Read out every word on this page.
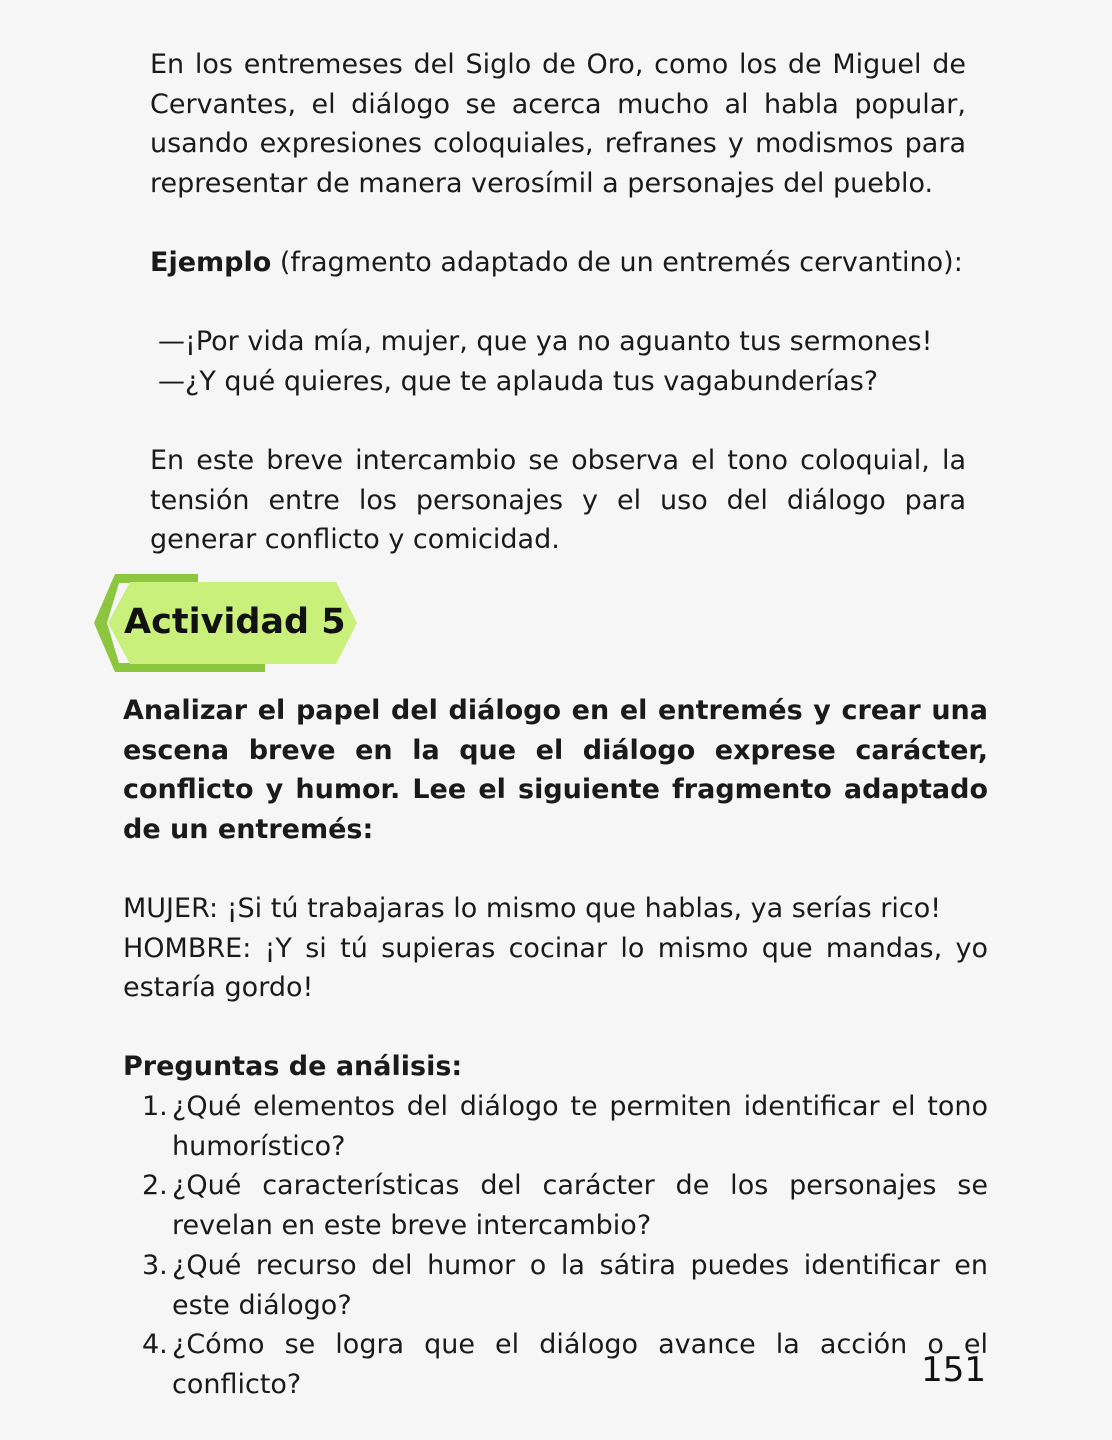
En los entremeses del Siglo de Oro, como los de Miguel de Cervantes, el diálogo se acerca mucho al habla popular, usando expresiones coloquiales, refranes y modismos para representar de manera verosímil a personajes del pueblo.

Ejemplo (fragmento adaptado de un entremés cervantino):

—¡Por vida mía, mujer, que ya no aguanto tus sermones!

—¿Y qué quieres, que te aplauda tus vagabunderías?

En este breve intercambio se observa el tono coloquial, la tensión entre los personajes y el uso del diálogo para generar conflicto y comicidad.

Actividad 5

Analizar el papel del diálogo en el entremés y crear una escena breve en la que el diálogo exprese carácter, conflicto y humor. Lee el siguiente fragmento adaptado de un entremés:

MUJER: ¡Si tú trabajaras lo mismo que hablas, ya serías rico!

HOMBRE: ¡Y si tú supieras cocinar lo mismo que mandas, yo estaría gordo!

Preguntas de análisis:
1. ¿Qué elementos del diálogo te permiten identificar el tono humorístico?
2. ¿Qué características del carácter de los personajes se revelan en este breve intercambio?
3. ¿Qué recurso del humor o la sátira puedes identificar en este diálogo?
4. ¿Cómo se logra que el diálogo avance la acción o el conflicto?	151
